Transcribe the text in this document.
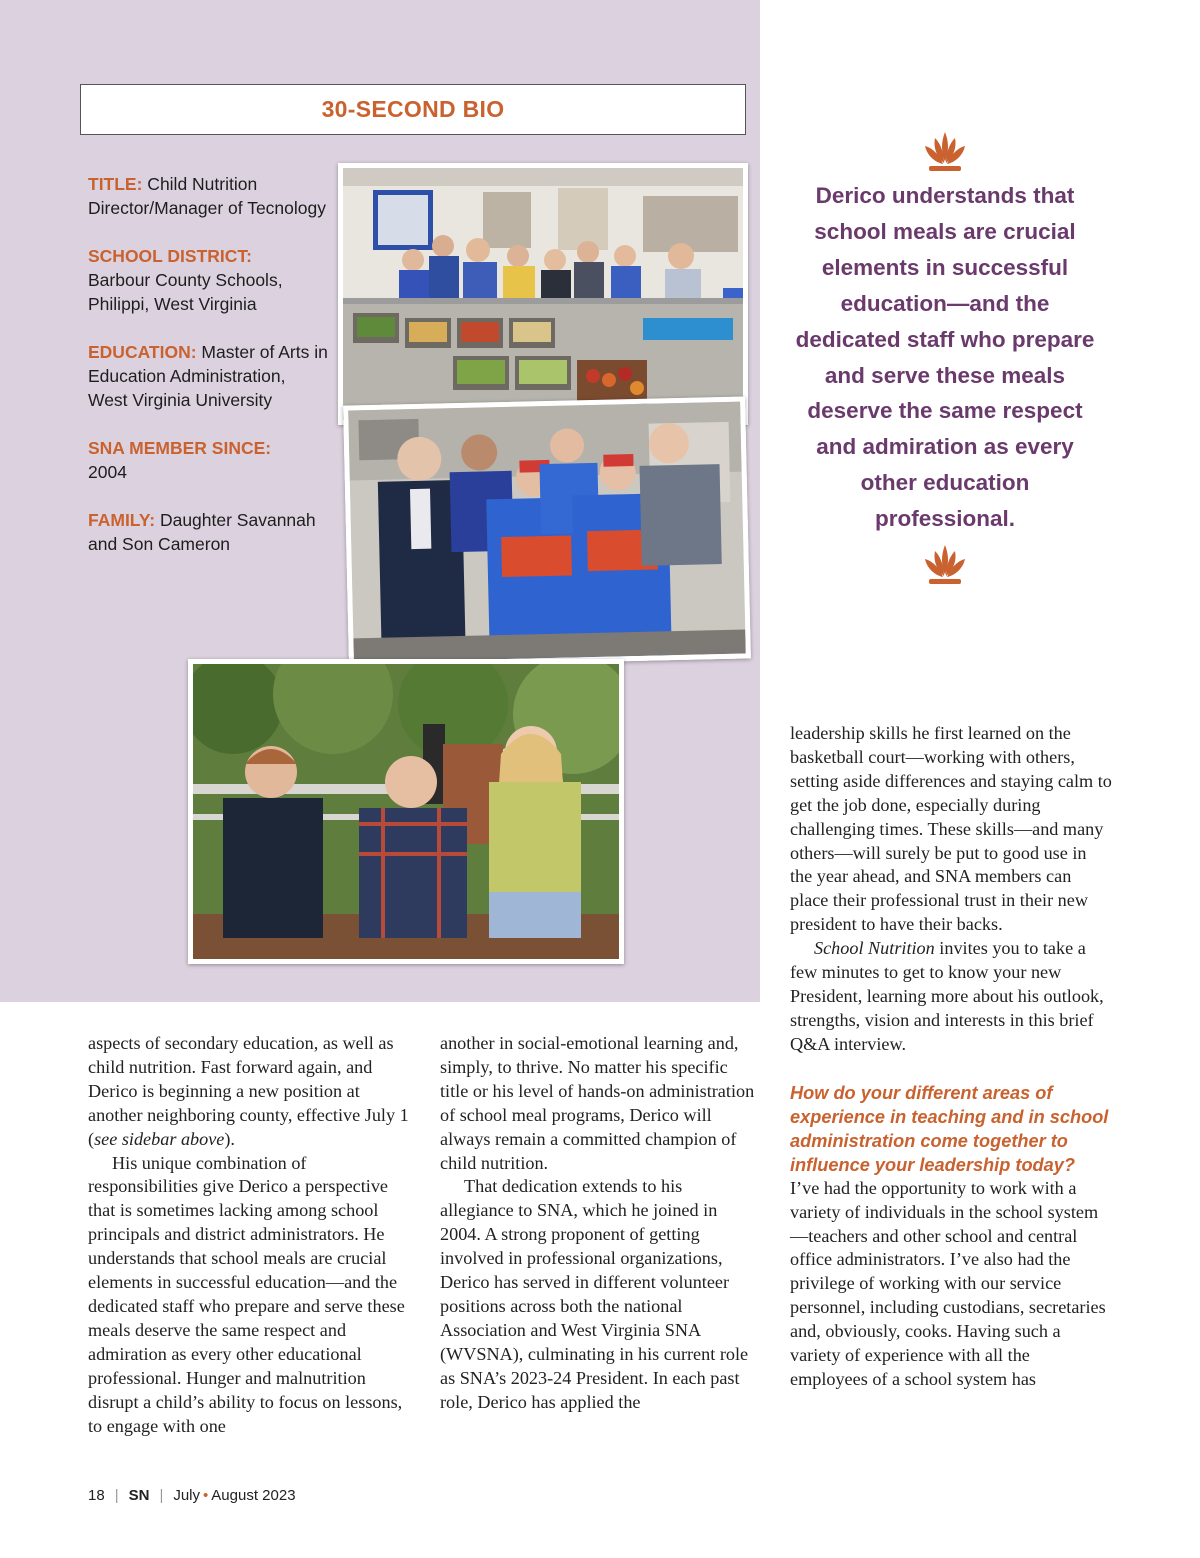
30-SECOND BIO
TITLE: Child Nutrition Director/Manager of Tecnology
SCHOOL DISTRICT:
Barbour County Schools, Philippi, West Virginia
EDUCATION: Master of Arts in Education Administration, West Virginia University
SNA MEMBER SINCE:
2004
FAMILY: Daughter Savannah and Son Cameron
Derico understands that school meals are crucial elements in successful education—and the dedicated staff who prepare and serve these meals deserve the same respect and admiration as every other education professional.

aspects of secondary education, as well as child nutrition. Fast forward again, and Derico is beginning a new position at another neighboring county, effective July 1 (see sidebar above).

His unique combination of responsibilities give Derico a perspective that is sometimes lacking among school principals and district administrators. He understands that school meals are crucial elements in successful education—and the dedicated staff who prepare and serve these meals deserve the same respect and admiration as every other educational professional. Hunger and malnutrition disrupt a child’s ability to focus on lessons, to engage with one

another in social-emotional learning and, simply, to thrive. No matter his specific title or his level of hands-on administration of school meal programs, Derico will always remain a committed champion of child nutrition.

That dedication extends to his allegiance to SNA, which he joined in 2004. A strong proponent of getting involved in professional organizations, Derico has served in different volunteer positions across both the national Association and West Virginia SNA (WVSNA), culminating in his current role as SNA’s 2023-24 President. In each past role, Derico has applied the

leadership skills he first learned on the basketball court—working with others, setting aside differences and staying calm to get the job done, especially during challenging times. These skills—and many others—will surely be put to good use in the year ahead, and SNA members can place their professional trust in their new president to have their backs.

School Nutrition invites you to take a few minutes to get to know your new President, learning more about his outlook, strengths, vision and interests in this brief Q&A interview.

How do your different areas of experience in teaching and in school administration come together to influence your leadership today?

I’ve had the opportunity to work with a variety of individuals in the school system—teachers and other school and central office administrators. I’ve also had the privilege of working with our service personnel, including custodians, secretaries and, obviously, cooks. Having such a variety of experience with all the employees of a school system has

18 | SN | July • August 2023
